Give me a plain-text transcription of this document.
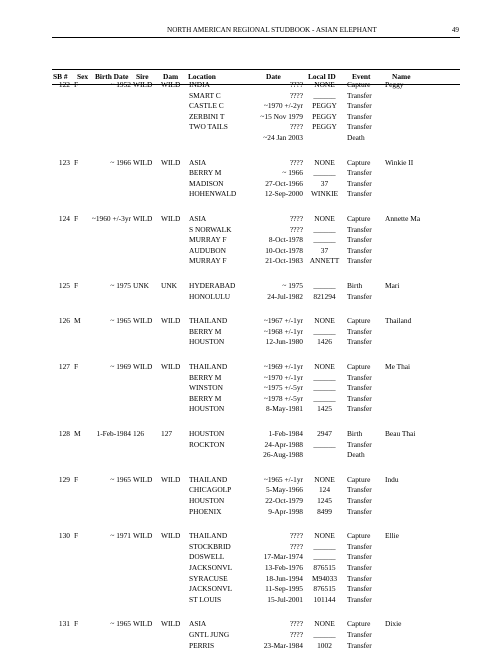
NORTH AMERICAN REGIONAL STUDBOOK - ASIAN ELEPHANT	49
SB # Sex Birth Date Sire Dam Location	Date	Local ID Event	Name
122 F	~ 1952 WILD WILD	Peggy
INDIA	????	NONE	Capture
SMART C	????	______	Transfer
CASTLE C	~1970 +/-2yr	PEGGY	Transfer
ZERBINI T	~15 Nov 1979	PEGGY	Transfer
TWO TAILS	????	PEGGY	Transfer
~24 Jan 2003	Death
123 F	~ 1966 WILD WILD	Winkie II
ASIA	????	NONE	Capture
BERRY M	~ 1966	______	Transfer
MADISON	27-Oct-1966	37	Transfer
HOHENWALD	12-Sep-2000	WINKIE	Transfer
124 F	~1960 +/-3yr WILD WILD	Annette Ma
ASIA	????	NONE	Capture
S NORWALK	????	______	Transfer
MURRAY F	8-Oct-1978	______	Transfer
AUDUBON	10-Oct-1978	37	Transfer
MURRAY F	21-Oct-1983 ANNETT	Transfer
125 F	~ 1975 UNK UNK	Mari
HYDERABAD	~ 1975	______	Birth
HONOLULU	24-Jul-1982	821294	Transfer
126 M	~ 1965 WILD WILD	Thailand
THAILAND	~1967 +/-1yr	NONE	Capture
BERRY M	~1968 +/-1yr	______	Transfer
HOUSTON	12-Jun-1980	1426	Transfer
127 F	~ 1969 WILD WILD	Me Thai
THAILAND	~1969 +/-1yr	NONE	Capture
BERRY M	~1970 +/-1yr	______	Transfer
WINSTON	~1975 +/-5yr	______	Transfer
BERRY M	~1978 +/-5yr	______	Transfer
HOUSTON	8-May-1981	1425	Transfer
128 M	1-Feb-1984 126 127	Beau Thai
HOUSTON	1-Feb-1984	2947	Birth
ROCKTON	24-Apr-1988	______	Transfer
26-Aug-1988	Death
129 F	~ 1965 WILD WILD	Indu
THAILAND	~1965 +/-1yr	NONE	Capture
CHICAGOLP	5-May-1966	124	Transfer
HOUSTON	22-Oct-1979	1245	Transfer
PHOENIX	9-Apr-1998	8499	Transfer
130 F	~ 1971 WILD WILD	Ellie
THAILAND	????	NONE	Capture
STOCKBRID	????	______	Transfer
DOSWELL	17-Mar-1974	______	Transfer
JACKSONVL	13-Feb-1976	876515	Transfer
SYRACUSE	18-Jun-1994	M94033	Transfer
JACKSONVL	11-Sep-1995	876515	Transfer
ST LOUIS	15-Jul-2001	101144	Transfer
131 F	~ 1965 WILD WILD	Dixie
ASIA	????	NONE	Capture
GNTL JUNG	????	______	Transfer
PERRIS	23-Mar-1984	1002	Transfer
